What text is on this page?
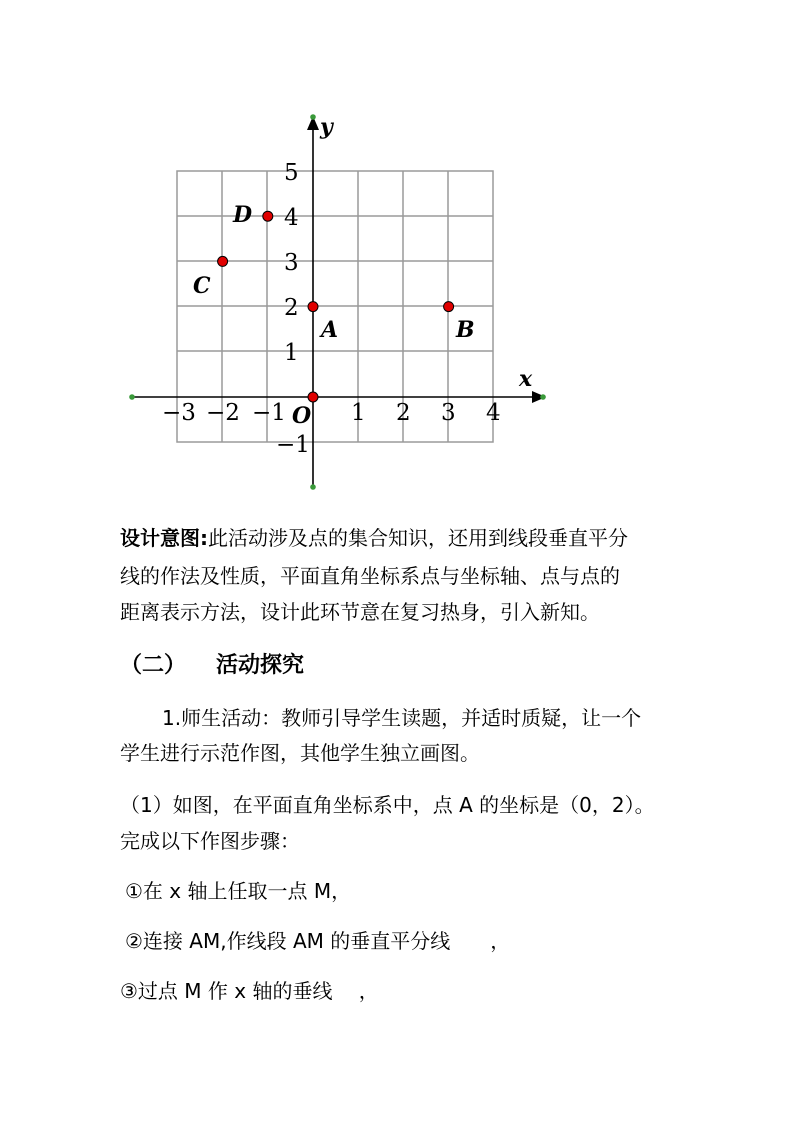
x
y
−3 −2 −1	1 2 3 4
5
4
3
2
1
−1
A	B
C
D
O
设计意图:此活动涉及点的集合知识，还用到线段垂直平分
线的作法及性质，平面直角坐标系点与坐标轴、点与点的
距离表示方法，设计此环节意在复习热身，引入新知。
（二） 活动探究
1.师生活动：教师引导学生读题，并适时质疑，让一个
学生进行示范作图，其他学生独立画图。
（1）如图，在平面直角坐标系中，点 A 的坐标是（0，2）。
完成以下作图步骤：
①在 x 轴上任取一点 M，
②连接 AM,作线段 AM 的垂直平分线　　，
③过点 M 作 x 轴的垂线　 ，
